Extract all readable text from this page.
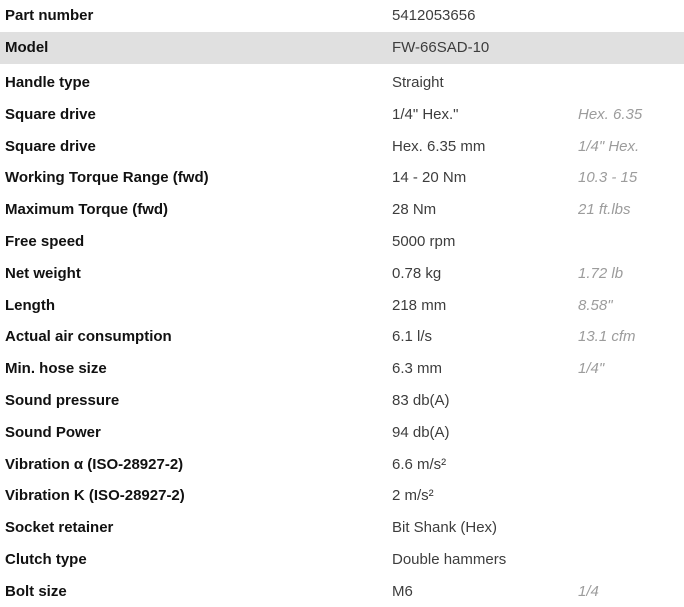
Part number	5412053656
Model	FW-66SAD-10
Handle type	Straight
Square drive	1/4" Hex."	Hex. 6.35
Square drive	Hex. 6.35 mm	1/4" Hex.
Working Torque Range (fwd)	14 - 20 Nm	10.3 - 15
Maximum Torque (fwd)	28 Nm	21 ft.lbs
Free speed	5000 rpm
Net weight	0.78 kg	1.72 lb
Length	218 mm	8.58"
Actual air consumption	6.1 l/s	13.1 cfm
Min. hose size	6.3 mm	1/4"
Sound pressure	83 db(A)
Sound Power	94 db(A)
Vibration α (ISO-28927-2)	6.6 m/s²
Vibration K (ISO-28927-2)	2 m/s²
Socket retainer	Bit Shank (Hex)
Clutch type	Double hammers
Bolt size	M6	1/4
